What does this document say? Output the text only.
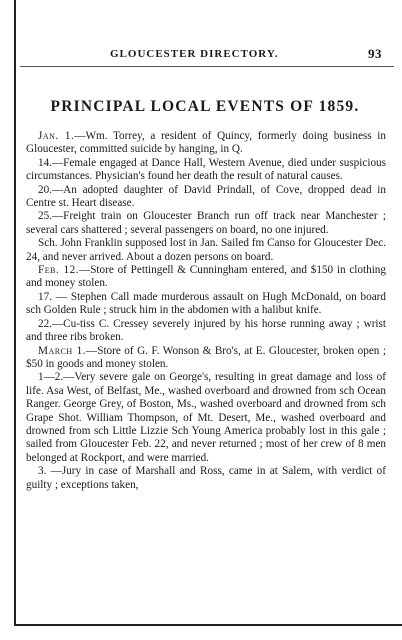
GLOUCESTER DIRECTORY.	93
PRINCIPAL LOCAL EVENTS OF 1859.

Jan. 1.—Wm. Torrey, a resident of Quincy, formerly doing business in Gloucester, committed suicide by hanging, in Q.

14.—Female engaged at Dance Hall, Western Avenue, died under suspicious circumstances. Physician's found her death the result of natural causes.

20.—An adopted daughter of David Prindall, of Cove, dropped dead in Centre st. Heart disease.

25.—Freight train on Gloucester Branch run off track near Manchester ; several cars shattered ; several passengers on board, no one injured.

Sch. John Franklin supposed lost in Jan. Sailed fm Canso for Gloucester Dec. 24, and never arrived. About a dozen persons on board.

Feb. 12.—Store of Pettingell & Cunningham entered, and $150 in clothing and money stolen.

17. — Stephen Call made murderous assault on Hugh McDonald, on board sch Golden Rule ; struck him in the abdomen with a halibut knife.

22.—Cu-tiss C. Cressey severely injured by his horse running away ; wrist and three ribs broken.

March 1.—Store of G. F. Wonson & Bro's, at E. Gloucester, broken open ; $50 in goods and money stolen.

1—2.—Very severe gale on George's, resulting in great damage and loss of life. Asa West, of Belfast, Me., washed overboard and drowned from sch Ocean Ranger. George Grey, of Boston, Ms., washed overboard and drowned from sch Grape Shot. William Thompson, of Mt. Desert, Me., washed overboard and drowned from sch Little Lizzie Sch Young America probably lost in this gale ; sailed from Gloucester Feb. 22, and never returned ; most of her crew of 8 men belonged at Rockport, and were married.

3. —Jury in case of Marshall and Ross, came in at Salem, with verdict of guilty ; exceptions taken,
